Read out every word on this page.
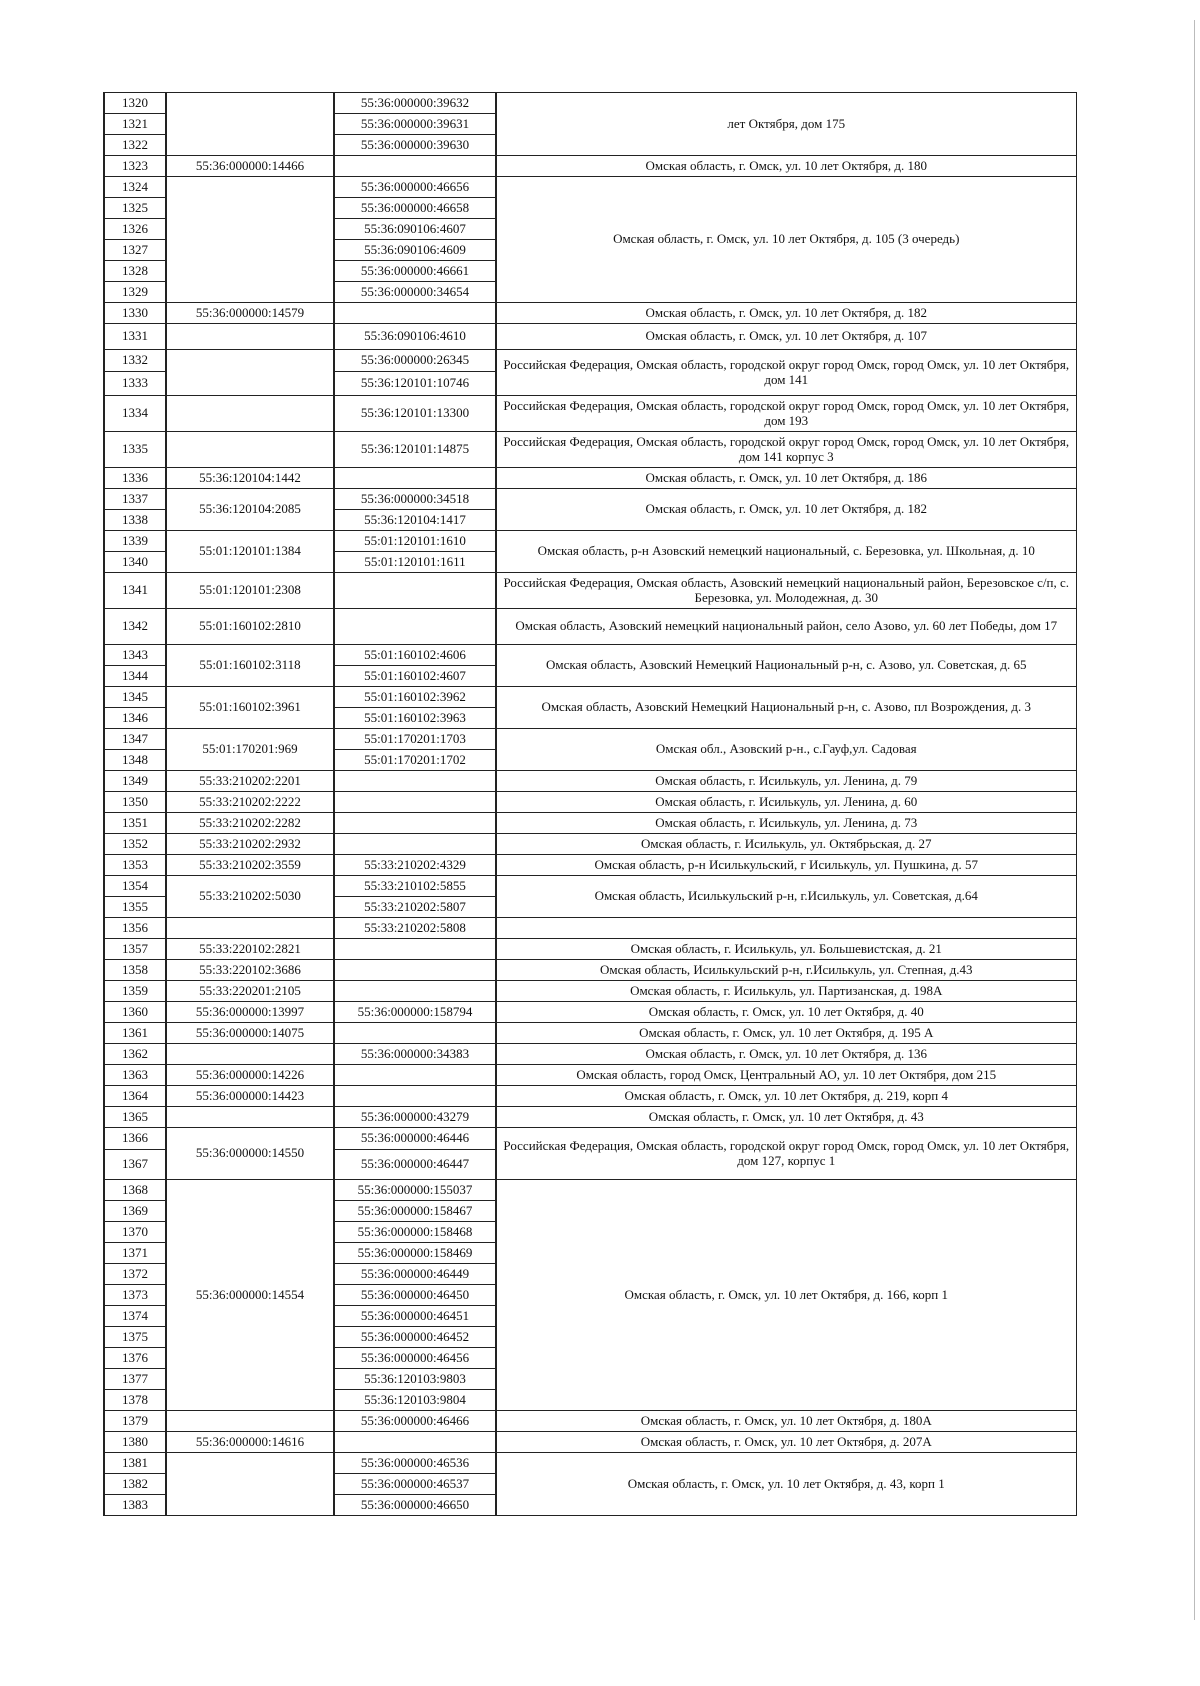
1320		55:36:000000:39632	лет Октября, дом 175
1321		55:36:000000:39631	
1322		55:36:000000:39630	
1323	55:36:000000:14466		Омская область, г. Омск, ул. 10 лет Октября, д. 180
1324		55:36:000000:46656	Омская область, г. Омск, ул. 10 лет Октября, д. 105 (3 очередь)
1325		55:36:000000:46658	
1326		55:36:090106:4607	
1327		55:36:090106:4609	
1328		55:36:000000:46661	
1329		55:36:000000:34654	
1330	55:36:000000:14579		Омская область, г. Омск, ул. 10 лет Октября, д. 182
1331		55:36:090106:4610	Омская область, г. Омск, ул. 10 лет Октября, д. 107
1332		55:36:000000:26345	Российская Федерация, Омская область, городской округ город Омск, город Омск, ул. 10 лет Октября, дом 141
1333		55:36:120101:10746	
1334		55:36:120101:13300	Российская Федерация, Омская область, городской округ город Омск, город Омск, ул. 10 лет Октября, дом 193
1335		55:36:120101:14875	Российская Федерация, Омская область, городской округ город Омск, город Омск, ул. 10 лет Октября, дом 141 корпус 3
1336	55:36:120104:1442		Омская область, г. Омск, ул. 10 лет Октября, д. 186
1337	55:36:120104:2085	55:36:000000:34518	Омская область, г. Омск, ул. 10 лет Октября, д. 182
1338		55:36:120104:1417	
1339	55:01:120101:1384	55:01:120101:1610	Омская область, р-н Азовский немецкий национальный, с. Березовка, ул. Школьная, д. 10
1340		55:01:120101:1611	
1341	55:01:120101:2308		Российская Федерация, Омская область, Азовский немецкий национальный район, Березовское с/п, с. Березовка, ул. Молодежная, д. 30
1342	55:01:160102:2810		Омская область, Азовский немецкий национальный район, село Азово, ул. 60 лет Победы, дом 17
1343	55:01:160102:3118	55:01:160102:4606	Омская область, Азовский Немецкий Национальный р-н, с. Азово, ул. Советская, д. 65
1344		55:01:160102:4607	
1345	55:01:160102:3961	55:01:160102:3962	Омская область, Азовский Немецкий Национальный р-н, с. Азово, пл Возрождения, д. 3
1346		55:01:160102:3963	
1347	55:01:170201:969	55:01:170201:1703	Омская обл., Азовский р-н., с.Гауф,ул. Садовая
1348		55:01:170201:1702	
1349	55:33:210202:2201		Омская область, г. Исилькуль, ул. Ленина, д. 79
1350	55:33:210202:2222		Омская область, г. Исилькуль, ул. Ленина, д. 60
1351	55:33:210202:2282		Омская область, г. Исилькуль, ул. Ленина, д. 73
1352	55:33:210202:2932		Омская область, г. Исилькуль, ул. Октябрьская, д. 27
1353	55:33:210202:3559	55:33:210202:4329	Омская область, р-н Исилькульский, г Исилькуль, ул. Пушкина, д. 57
1354	55:33:210202:5030	55:33:210102:5855	Омская область, Исилькульский р-н, г.Исилькуль, ул. Советская, д.64
1355		55:33:210202:5807	
1356		55:33:210202:5808	
1357	55:33:220102:2821		Омская область, г. Исилькуль, ул. Большевистская, д. 21
1358	55:33:220102:3686		Омская область, Исилькульский р-н, г.Исилькуль, ул. Степная, д.43
1359	55:33:220201:2105		Омская область, г. Исилькуль, ул. Партизанская, д. 198А
1360	55:36:000000:13997	55:36:000000:158794	Омская область, г. Омск, ул. 10 лет Октября, д. 40
1361	55:36:000000:14075		Омская область, г. Омск, ул. 10 лет Октября, д. 195 А
1362		55:36:000000:34383	Омская область, г. Омск, ул. 10 лет Октября, д. 136
1363	55:36:000000:14226		Омская область, город Омск, Центральный АО, ул. 10 лет Октября, дом 215
1364	55:36:000000:14423		Омская область, г. Омск, ул. 10 лет Октября, д. 219, корп 4
1365		55:36:000000:43279	Омская область, г. Омск, ул. 10 лет Октября, д. 43
1366	55:36:000000:14550	55:36:000000:46446	Российская Федерация, Омская область, городской округ город Омск, город Омск, ул. 10 лет Октября, дом 127, корпус 1
1367		55:36:000000:46447	
1368	55:36:000000:14554	55:36:000000:155037	Омская область, г. Омск, ул. 10 лет Октября, д. 166, корп 1
1369		55:36:000000:158467	
1370		55:36:000000:158468	
1371		55:36:000000:158469	
1372		55:36:000000:46449	
1373		55:36:000000:46450	
1374		55:36:000000:46451	
1375		55:36:000000:46452	
1376		55:36:000000:46456	
1377		55:36:120103:9803	
1378		55:36:120103:9804	
1379		55:36:000000:46466	Омская область, г. Омск, ул. 10 лет Октября, д. 180А
1380	55:36:000000:14616		Омская область, г. Омск, ул. 10 лет Октября, д. 207А
1381		55:36:000000:46536	Омская область, г. Омск, ул. 10 лет Октября, д. 43, корп 1
1382		55:36:000000:46537	
1383		55:36:000000:46650	
